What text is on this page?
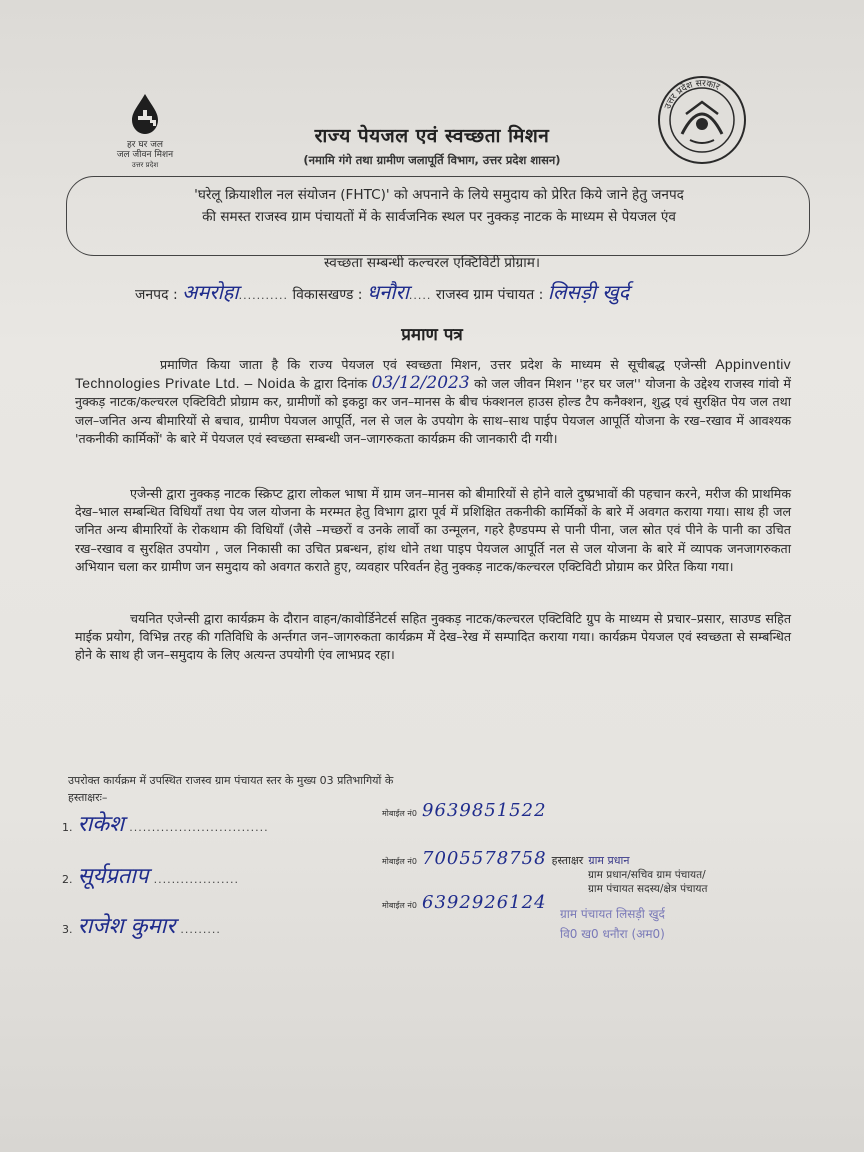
हर घर जल
जल जीवन मिशन
उत्तर प्रदेश
उत्तर प्रदेश सरकार
राज्य पेयजल एवं स्वच्छता मिशन
(नमामि गंगे तथा ग्रामीण जलापूर्ति विभाग, उत्तर प्रदेश शासन)
'घरेलू क्रियाशील नल संयोजन (FHTC)' को अपनाने के लिये समुदाय को प्रेरित किये जाने हेतु जनपद
की समस्त राजस्व ग्राम पंचायतों में के सार्वजनिक स्थल पर नुक्कड़ नाटक के माध्यम से पेयजल एंव
स्वच्छता सम्बन्धी कल्चरल एक्टिविटी प्रोग्राम।
जनपद : अमरोहा........... विकासखण्ड : धनौरा..... राजस्व ग्राम पंचायत : लिसड़ी खुर्द
प्रमाण पत्र
प्रमाणित किया जाता है कि राज्य पेयजल एवं स्वच्छता मिशन, उत्तर प्रदेश के माध्यम से सूचीबद्ध एजेन्सी Appinventiv Technologies Private Ltd. – Noida के द्वारा दिनांक 03/12/2023 को जल जीवन मिशन ''हर घर जल'' योजना के उद्देश्य राजस्व गांवो में नुक्कड़ नाटक/कल्चरल एक्टिविटी प्रोग्राम कर, ग्रामीणों को इकट्ठा कर जन–मानस के बीच फंक्शनल हाउस होल्ड टैप कनैक्शन, शुद्ध एवं सुरक्षित पेय जल तथा जल–जनित अन्य बीमारियों से बचाव, ग्रामीण पेयजल आपूर्ति, नल से जल के उपयोग के साथ–साथ पाईप पेयजल आपूर्ति योजना के रख–रखाव में आवश्यक 'तकनीकी कार्मिकों' के बारे में पेयजल एवं स्वच्छता सम्बन्धी जन–जागरुकता कार्यक्रम की जानकारी दी गयी।
एजेन्सी द्वारा नुक्कड़ नाटक स्क्रिप्ट द्वारा लोकल भाषा में ग्राम जन–मानस को बीमारियों से होने वाले दुष्प्रभावों की पहचान करने, मरीज की प्राथमिक देख–भाल सम्बन्धित विधियाँ तथा पेय जल योजना के मरम्मत हेतु विभाग द्वारा पूर्व में प्रशिक्षित तकनीकी कार्मिकों के बारे में अवगत कराया गया। साथ ही जल जनित अन्य बीमारियों के रोकथाम की विधियाँ (जैसे –मच्छरों व उनके लार्वो का उन्मूलन, गहरे हैण्डपम्प से पानी पीना, जल स्रोत एवं पीने के पानी का उचित रख–रखाव व सुरक्षित उपयोग , जल निकासी का उचित प्रबन्धन, हांथ धोने तथा पाइप पेयजल आपूर्ति नल से जल योजना के बारे में व्यापक जनजागरुकता अभियान चला कर ग्रामीण जन समुदाय को अवगत कराते हुए, व्यवहार परिवर्तन हेतु नुक्कड़ नाटक/कल्चरल एक्टिविटी प्रोग्राम कर प्रेरित किया गया।
चयनित एजेन्सी द्वारा कार्यक्रम के दौरान वाहन/कावोर्डिनेटर्स सहित नुक्कड़ नाटक/कल्चरल एक्टिविटि ग्रुप के माध्यम से प्रचार–प्रसार, साउण्ड सहित माईक प्रयोग, विभिन्न तरह की गतिविधि के अर्न्तगत जन–जागरुकता कार्यक्रम मेें देख–रेख में सम्पादित कराया गया। कार्यक्रम पेयजल एवं स्वच्छता से सम्बन्धित होने के साथ ही जन–समुदाय के लिए अत्यन्त उपयोगी एंव लाभप्रद रहा।
उपरोक्त कार्यक्रम में उपस्थित राजस्व ग्राम पंचायत स्तर के मुख्य 03 प्रतिभागियों के
हस्ताक्षरः–
1. राकेश ...............................
मोबाईल नं0 9639851522
2. सूर्यप्रताप ...................
मोबाईल नं0 7005578758 हस्ताक्षर ग्राम प्रधान
ग्राम प्रधान/सचिव ग्राम पंचायत/
ग्राम पंचायत सदस्य/क्षेत्र पंचायत
3. राजेश कुमार .........
मोबाईल नं0 6392926124
ग्राम पंचायत लिसड़ी खुर्द
वि0 ख0 धनौरा (अम0)
